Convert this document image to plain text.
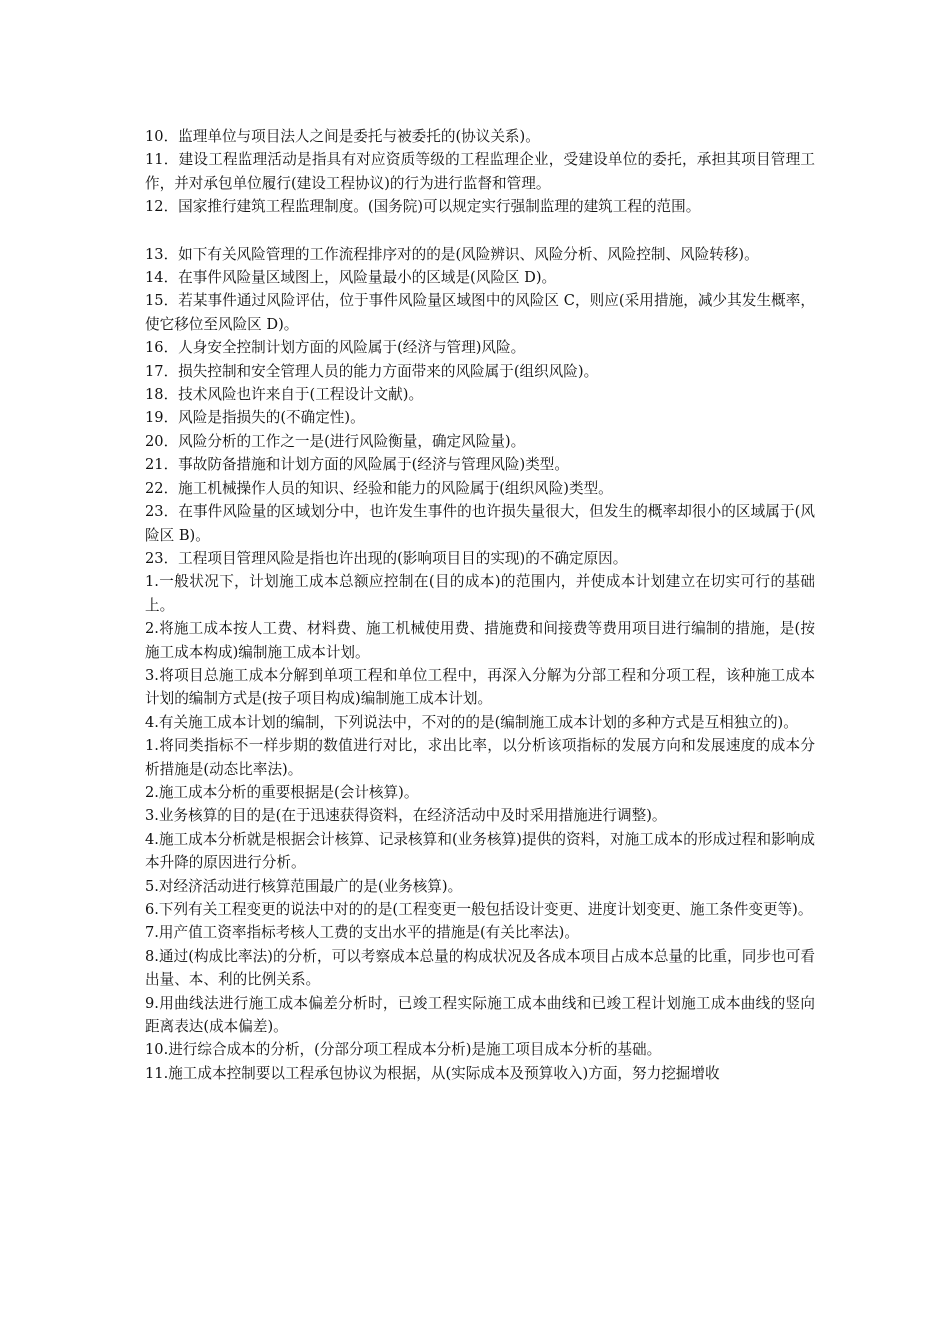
10．监理单位与项目法人之间是委托与被委托的(协议关系)。

11．建设工程监理活动是指具有对应资质等级的工程监理企业，受建设单位的委托，承担其项目管理工作，并对承包单位履行(建设工程协议)的行为进行监督和管理。

12．国家推行建筑工程监理制度。(国务院)可以规定实行强制监理的建筑工程的范围。

13．如下有关风险管理的工作流程排序对的的是(风险辨识、风险分析、风险控制、风险转移)。

14．在事件风险量区域图上，风险量最小的区域是(风险区 D)。

15．若某事件通过风险评估，位于事件风险量区域图中的风险区 C，则应(采用措施，减少其发生概率，使它移位至风险区 D)。

16．人身安全控制计划方面的风险属于(经济与管理)风险。

17．损失控制和安全管理人员的能力方面带来的风险属于(组织风险)。

18．技术风险也许来自于(工程设计文献)。

19．风险是指损失的(不确定性)。

20．风险分析的工作之一是(进行风险衡量，确定风险量)。

21．事故防备措施和计划方面的风险属于(经济与管理风险)类型。

22．施工机械操作人员的知识、经验和能力的风险属于(组织风险)类型。

23．在事件风险量的区域划分中，也许发生事件的也许损失量很大，但发生的概率却很小的区域属于(风险区 B)。

23．工程项目管理风险是指也许出现的(影响项目目的实现)的不确定原因。

1.一般状况下，计划施工成本总额应控制在(目的成本)的范围内，并使成本计划建立在切实可行的基础上。

2.将施工成本按人工费、材料费、施工机械使用费、措施费和间接费等费用项目进行编制的措施，是(按施工成本构成)编制施工成本计划。

3.将项目总施工成本分解到单项工程和单位工程中，再深入分解为分部工程和分项工程，该种施工成本计划的编制方式是(按子项目构成)编制施工成本计划。

4.有关施工成本计划的编制，下列说法中，不对的的是(编制施工成本计划的多种方式是互相独立的)。

1.将同类指标不一样步期的数值进行对比，求出比率，以分析该项指标的发展方向和发展速度的成本分析措施是(动态比率法)。

2.施工成本分析的重要根据是(会计核算)。

3.业务核算的目的是(在于迅速获得资料，在经济活动中及时采用措施进行调整)。

4.施工成本分析就是根据会计核算、记录核算和(业务核算)提供的资料，对施工成本的形成过程和影响成本升降的原因进行分析。

5.对经济活动进行核算范围最广的是(业务核算)。

6.下列有关工程变更的说法中对的的是(工程变更一般包括设计变更、进度计划变更、施工条件变更等)。

7.用产值工资率指标考核人工费的支出水平的措施是(有关比率法)。

8.通过(构成比率法)的分析，可以考察成本总量的构成状况及各成本项目占成本总量的比重，同步也可看出量、本、利的比例关系。

9.用曲线法进行施工成本偏差分析时，已竣工程实际施工成本曲线和已竣工程计划施工成本曲线的竖向距离表达(成本偏差)。

10.进行综合成本的分析，(分部分项工程成本分析)是施工项目成本分析的基础。

11.施工成本控制要以工程承包协议为根据，从(实际成本及预算收入)方面，努力挖掘增收
